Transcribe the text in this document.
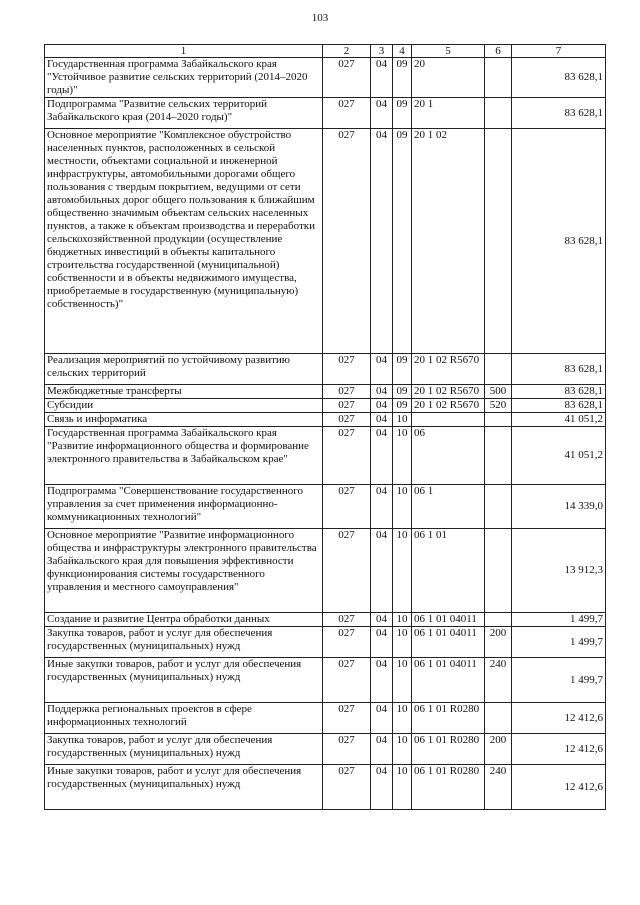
103
1	2	3	4	5	6	7
Государственная программа Забайкальского края "Устойчивое развитие сельских территорий (2014–2020 годы)"	027	04	09	20		83 628,1
Подпрограмма "Развитие сельских территорий Забайкальского края (2014–2020 годы)"	027	04	09	20 1		83 628,1
Основное мероприятие "Комплексное обустройство населенных пунктов, расположенных в сельской местности, объектами социальной и инженерной инфраструктуры, автомобильными дорогами общего пользования с твердым покрытием, ведущими от сети автомобильных дорог общего пользования к ближайшим общественно значимым объектам сельских населенных пунктов, а также к объектам производства и переработки сельскохозяйственной продукции (осуществление бюджетных инвестиций в объекты капитального строительства государственной (муниципальной) собственности и в объекты недвижимого имущества, приобретаемые в государственную (муниципальную) собственность)"	027	04	09	20 1 02		83 628,1
Реализация мероприятий по устойчивому развитию сельских территорий	027	04	09	20 1 02 R5670		83 628,1
Межбюджетные трансферты	027	04	09	20 1 02 R5670	500	83 628,1
Субсидии	027	04	09	20 1 02 R5670	520	83 628,1
Связь и информатика	027	04	10			41 051,2
Государственная программа Забайкальского края "Развитие информационного общества и формирование электронного правительства в Забайкальском крае"	027	04	10	06		41 051,2
Подпрограмма "Совершенствование государственного управления за счет применения информационно-коммуникационных технологий"	027	04	10	06 1		14 339,0
Основное мероприятие "Развитие информационного общества и инфраструктуры электронного правительства Забайкальского края для повышения эффективности функционирования системы государственного управления и местного самоуправления"	027	04	10	06 1 01		13 912,3
Создание и развитие Центра обработки данных	027	04	10	06 1 01 04011		1 499,7
Закупка товаров, работ и услуг для обеспечения государственных (муниципальных) нужд	027	04	10	06 1 01 04011	200	1 499,7
Иные закупки товаров, работ и услуг для обеспечения государственных (муниципальных) нужд	027	04	10	06 1 01 04011	240	1 499,7
Поддержка региональных проектов в сфере информационных технологий	027	04	10	06 1 01 R0280		12 412,6
Закупка товаров, работ и услуг для обеспечения государственных (муниципальных) нужд	027	04	10	06 1 01 R0280	200	12 412,6
Иные закупки товаров, работ и услуг для обеспечения государственных (муниципальных) нужд	027	04	10	06 1 01 R0280	240	12 412,6
